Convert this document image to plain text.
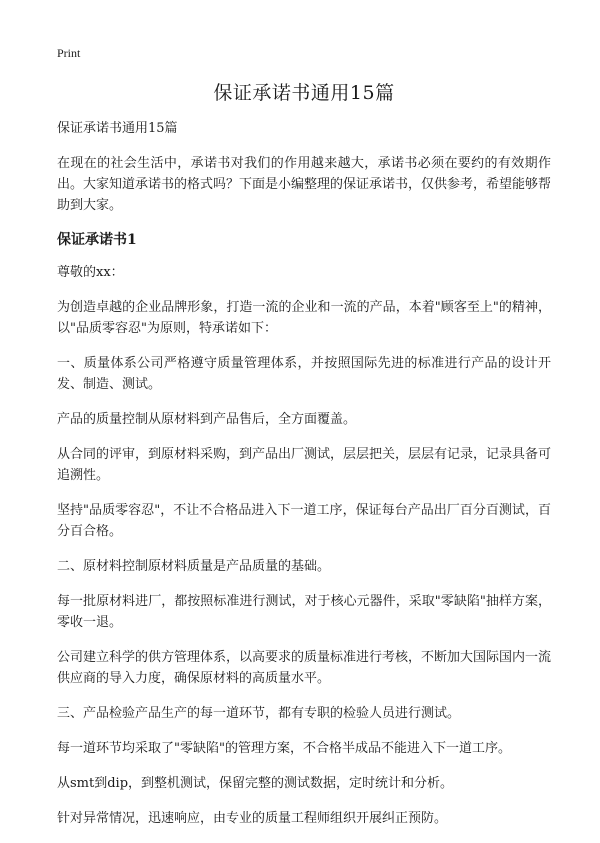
Print
保证承诺书通用15篇

保证承诺书通用15篇

在现在的社会生活中，承诺书对我们的作用越来越大，承诺书必须在要约的有效期作出。大家知道承诺书的格式吗？下面是小编整理的保证承诺书，仅供参考，希望能够帮助到大家。

保证承诺书1

尊敬的xx：

为创造卓越的企业品牌形象，打造一流的企业和一流的产品，本着"顾客至上"的精神，以"品质零容忍"为原则，特承诺如下：

一、质量体系公司严格遵守质量管理体系，并按照国际先进的标准进行产品的设计开发、制造、测试。

产品的质量控制从原材料到产品售后，全方面覆盖。

从合同的评审，到原材料采购，到产品出厂测试，层层把关，层层有记录，记录具备可追溯性。

坚持"品质零容忍"，不让不合格品进入下一道工序，保证每台产品出厂百分百测试，百分百合格。

二、原材料控制原材料质量是产品质量的基础。

每一批原材料进厂，都按照标准进行测试，对于核心元器件，采取"零缺陷"抽样方案，零收一退。

公司建立科学的供方管理体系，以高要求的质量标准进行考核，不断加大国际国内一流供应商的导入力度，确保原材料的高质量水平。

三、产品检验产品生产的每一道环节，都有专职的检验人员进行测试。

每一道环节均采取了"零缺陷"的管理方案，不合格半成品不能进入下一道工序。

从smt到dip，到整机测试，保留完整的测试数据，定时统计和分析。

针对异常情况，迅速响应，由专业的质量工程师组织开展纠正预防。
